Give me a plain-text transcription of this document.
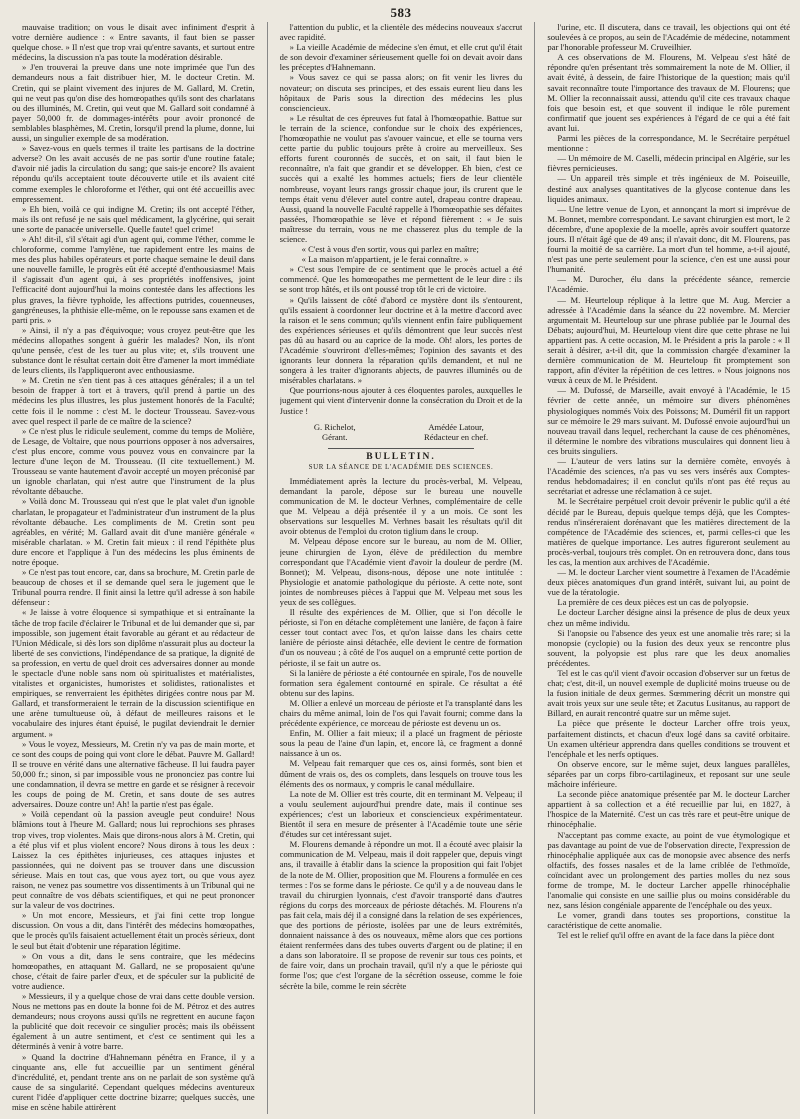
583

mauvaise tradition; on vous le disait avec infiniment d'esprit à votre dernière audience : « Entre savants, il faut bien se passer quelque chose. » Il n'est que trop vrai qu'entre savants, et surtout entre médecins, la discussion n'a pas toute la modération désirable.

» J'en trouverai la preuve dans une note imprimée que l'un des demandeurs nous a fait distribuer hier, M. le docteur Cretin. M. Cretin, qui se plaint vivement des injures de M. Gallard, M. Cretin, qui ne veut pas qu'on dise des homœopathes qu'ils sont des charlatans ou des illuminés, M. Cretin, qui veut que M. Gallard soit condamné à payer 50,000 fr. de dommages-intérêts pour avoir prononcé de semblables blasphèmes, M. Cretin, lorsqu'il prend la plume, donne, lui aussi, un singulier exemple de sa modération.

» Savez-vous en quels termes il traite les partisans de la doctrine adverse? On les avait accusés de ne pas sortir d'une routine fatale; d'avoir nié jadis la circulation du sang; que sais-je encore? Ils avaient répondu qu'ils acceptaient toute découverte utile et ils avaient cité comme exemples le chloroforme et l'éther, qui ont été accueillis avec empressement.

» Eh bien, voilà ce qui indigne M. Cretin; ils ont accepté l'éther, mais ils ont refusé je ne sais quel médicament, la glycérine, qui serait une sorte de panacée universelle. Quelle faute! quel crime!

» Ah! dit-il, s'il s'était agi d'un agent qui, comme l'éther, comme le chloroforme, comme l'amylène, tue rapidement entre les mains de mes des plus habiles opérateurs et porte chaque semaine le deuil dans une nouvelle famille, le progrès eût été accepté d'enthousiasme! Mais il s'agissait d'un agent qui, à ses propriétés inoffensives, joint l'efficacité dont aujourd'hui la moins contestée dans les affections les plus graves, la fièvre typhoïde, les affections putrides, couenneuses, gangréneuses, la phthisie elle-même, on le repousse sans examen et de parti pris. »

» Ainsi, il n'y a pas d'équivoque; vous croyez peut-être que les médecins allopathes songent à guérir les malades? Non, ils n'ont qu'une pensée, c'est de les tuer au plus vite; et, s'ils trouvent une substance dont le résultat certain doit être d'amener la mort immédiate de leurs clients, ils l'appliqueront avec enthousiasme.

» M. Cretin ne s'en tient pas à ces attaques générales; il a un tel besoin de frapper à tort et à travers, qu'il prend à partie un des médecins les plus illustres, les plus justement honorés de la Faculté; cette fois il le nomme : c'est M. le docteur Trousseau. Savez-vous avec quel respect il parle de ce maître de la science?

» Ce n'est plus le ridicule seulement, comme du temps de Molière, de Lesage, de Voltaire, que nous pourrions opposer à nos adversaires, c'est plus encore, comme vous pouvez vous en convaincre par la lecture d'une leçon de M. Trousseau. (Il cite textuellement.) M. Trousseau se vante hautement d'avoir accepté un moyen préconisé par un ignoble charlatan, qui n'est autre que l'instrument de la plus révoltante débauche.

» Voilà donc M. Trousseau qui n'est que le plat valet d'un ignoble charlatan, le propagateur et l'administrateur d'un instrument de la plus révoltante débauche. Les compliments de M. Cretin sont peu agréables, en vérité; M. Gallard avait dit d'une manière générale « misérable charlatan. » M. Cretin fait mieux : il rend l'épithète plus dure encore et l'applique à l'un des médecins les plus éminents de notre époque.

» Ce n'est pas tout encore, car, dans sa brochure, M. Cretin parle de beaucoup de choses et il se demande quel sera le jugement que le Tribunal pourra rendre. Il finit ainsi la lettre qu'il adresse à son habile défenseur :

« Je laisse à votre éloquence si sympathique et si entraînante la tâche de trop facile d'éclairer le Tribunal et de lui demander que si, par impossible, son jugement était favorable au gérant et au rédacteur de l'Union Médicale, si dès lors son diplôme n'assurait plus au docteur la liberté de ses convictions, l'indépendance de sa pratique, la dignité de sa profession, en vertu de quel droit ces adversaires donner au monde le spectacle d'une noble sans nom où spiritualistes et matérialistes, vitalistes et organicistes, humoristes et solidistes, rationalistes et empiriques, se renverraient les épithètes dirigées contre nous par M. Gallard, et transformeraient le terrain de la discussion scientifique en une arène tumultueuse où, à défaut de meilleures raisons et le vocabulaire des injures étant épuisé, le pugilat deviendrait le dernier argument. »

» Vous le voyez, Messieurs, M. Cretin n'y va pas de main morte, et ce sont des coups de poing qui vont clore le débat. Pauvre M. Gallard! Il se trouve en vérité dans une alternative fâcheuse. Il lui faudra payer 50,000 fr.; sinon, si par impossible vous ne prononciez pas contre lui une condamnation, il devra se mettre en garde et se résigner à recevoir les coups de poing de M. Cretin, et sans doute de ses autres adversaires. Douze contre un! Ah! la partie n'est pas égale.

» Voilà cependant où la passion aveugle peut conduire! Nous blâmions tout à l'heure M. Gallard; nous lui reprochions ses phrases trop vives, trop violentes. Mais que dirons-nous alors à M. Cretin, qui a été plus vif et plus violent encore? Nous dirons à tous les deux : Laissez la ces épithètes injurieuses, ces attaques injustes et passionnées, qui ne doivent pas se trouver dans une discussion sérieuse. Mais en tout cas, que vous ayez tort, ou que vous ayez raison, ne venez pas soumettre vos dissentiments à un Tribunal qui ne peut connaître de vos débats scientifiques, et qui ne peut prononcer sur la valeur de vos doctrines.

» Un mot encore, Messieurs, et j'ai fini cette trop longue discussion. On vous a dit, dans l'intérêt des médecins homœopathes, que le procès qu'ils faisaient actuellement était un procès sérieux, dont le seul but était d'obtenir une réparation légitime.

» On vous a dit, dans le sens contraire, que les médecins homœopathes, en attaquant M. Gallard, ne se proposaient qu'une chose, c'était de faire parler d'eux, et de spéculer sur la publicité de votre audience.

» Messieurs, il y a quelque chose de vrai dans cette double version. Nous ne mettons pas en doute la bonne foi de M. Pétroz et des autres demandeurs; nous croyons aussi qu'ils ne regrettent en aucune façon la publicité que doit recevoir ce singulier procès; mais ils obéissent également à un autre sentiment, et c'est ce sentiment qui les a déterminés à venir à votre barre.

» Quand la doctrine d'Hahnemann pénétra en France, il y a cinquante ans, elle fut accueillie par un sentiment général d'incrédulité, et, pendant trente ans on ne parlait de son système qu'à cause de sa singularité. Cependant quelques médecins aventureux curent l'idée d'appliquer cette doctrine bizarre; quelques succès, une mise en scène habile attirèrent

l'attention du public, et la clientèle des médecins nouveaux s'accrut avec rapidité.

» La vieille Académie de médecine s'en émut, et elle crut qu'il était de son devoir d'examiner sérieusement quelle foi on devait avoir dans les préceptes d'Hahnemann.

» Vous savez ce qui se passa alors; on fit venir les livres du novateur; on discuta ses principes, et des essais eurent lieu dans les hôpitaux de Paris sous la direction des médecins les plus consciencieux.

» Le résultat de ces épreuves fut fatal à l'homœopathie. Battue sur le terrain de la science, confondue sur le choix des expériences, l'homœopathie ne voulut pas s'avouer vaincue, et elle se tourna vers cette partie du public toujours prête à croire au merveilleux. Ses efforts furent couronnés de succès, et on sait, il faut bien le reconnaître, n'a fait que grandir et se développer. Eh bien, c'est ce succès qui a exalté les hommes actuels; fiers de leur clientèle nombreuse, voyant leurs rangs grossir chaque jour, ils crurent que le temps était venu d'élever autel contre autel, drapeau contre drapeau. Aussi, quand la nouvelle Faculté rappelle à l'homœopathie ses défaites passées, l'homœopathie se lève et répond fièrement : « Je suis maîtresse du terrain, vous ne me chasserez plus du temple de la science.

« C'est à vous d'en sortir, vous qui parlez en maître;

« La maison m'appartient, je le ferai connaître. »

» C'est sous l'empire de ce sentiment que le procès actuel a été commencé. Que les homœopathes me permettent de le leur dire : ils se sont trop hâtés, et ils ont poussé trop tôt le cri de victoire.

» Qu'ils laissent de côté d'abord ce mystère dont ils s'entourent, qu'ils essaient à coordonner leur doctrine et à la mettre d'accord avec la raison et le sens commun; qu'ils viennent enfin faire publiquement des expériences sérieuses et qu'ils démontrent que leur succès n'est pas dû au hasard ou au caprice de la mode. Oh! alors, les portes de l'Académie s'ouvriront d'elles-mêmes; l'opinion des savants et des ignorants leur donnera la réparation qu'ils demandent, et nul ne songera à les traiter d'ignorants abjects, de pauvres illuminés ou de misérables charlatans. »

Que pourrions-nous ajouter à ces éloquentes paroles, auxquelles le jugement qui vient d'intervenir donne la consécration du Droit et de la Justice !

G. Richelot,
Gérant.
Amédée Latour,
Rédacteur en chef.
BULLETIN.
SUR LA SÉANCE DE L'ACADÉMIE DES SCIENCES.

Immédiatement après la lecture du procès-verbal, M. Velpeau, demandant la parole, dépose sur le bureau une nouvelle communication de M. le docteur Verhnes, complémentaire de celle que M. Velpeau a déjà présentée il y a un mois. Ce sont les observations sur lesquelles M. Verhnes basait les résultats qu'il dit avoir obtenus de l'emploi du croton tiglium dans le croup.

M. Velpeau dépose encore sur le bureau, au nom de M. Ollier, jeune chirurgien de Lyon, élève de prédilection du membre correspondant que l'Académie vient d'avoir la douleur de perdre (M. Bonnet); M. Velpeau, disons-nous, dépose une note intitulée : Physiologie et anatomie pathologique du périoste. A cette note, sont jointes de nombreuses pièces à l'appui que M. Velpeau met sous les yeux de ses collègues.

Il résulte des expériences de M. Ollier, que si l'on décolle le périoste, si l'on en détache complètement une lanière, de façon à faire cesser tout contact avec l'os, et qu'on laisse dans les chairs cette lanière de périoste ainsi détachée, elle devient le centre de formation d'un os nouveau ; à côté de l'os auquel on a emprunté cette portion de périoste, il se fait un autre os.

Si la lanière de périoste a été contournée en spirale, l'os de nouvelle formation sera également contourné en spirale. Ce résultat a été obtenu sur des lapins.

M. Ollier a enlevé un morceau de périoste et l'a transplanté dans les chairs du même animal, loin de l'os qui l'avait fourni; comme dans la précédente expérience, ce morceau de périoste est devenu un os.

Enfin, M. Ollier a fait mieux; il a placé un fragment de périoste sous la peau de l'aine d'un lapin, et, encore là, ce fragment a donné naissance à un os.

M. Velpeau fait remarquer que ces os, ainsi formés, sont bien et dûment de vrais os, des os complets, dans lesquels on trouve tous les éléments des os normaux, y compris le canal médullaire.

La note de M. Ollier est très courte, dit en terminant M. Velpeau; il a voulu seulement aujourd'hui prendre date, mais il continue ses expériences; c'est un laborieux et consciencieux expérimentateur. Bientôt il sera en mesure de présenter à l'Académie toute une série d'études sur cet intéressant sujet.

M. Flourens demande à répondre un mot. Il a écouté avec plaisir la communication de M. Velpeau, mais il doit rappeler que, depuis vingt ans, il travaille à établir dans la science la proposition qui fait l'objet de la note de M. Ollier, proposition que M. Flourens a formulée en ces termes : l'os se forme dans le périoste. Ce qu'il y a de nouveau dans le travail du chirurgien lyonnais, c'est d'avoir transporté dans d'autres régions du corps des morceaux de périoste détachés. M. Flourens n'a pas fait cela, mais déj il a consigné dans la relation de ses expériences, que des portions de périoste, isolées par une de leurs extrémités, donnaient naissance à des os nouveaux, même alors que ces portions étaient renfermées dans des tubes ouverts d'argent ou de platine; il en a dans son laboratoire. Il se propose de revenir sur tous ces points, et de faire voir, dans un prochain travail, qu'il n'y a que le périoste qui forme l'os; que c'est l'organe de la sécrétion osseuse, comme le foie sécrète la bile, comme le rein sécrète

l'urine, etc. Il discutera, dans ce travail, les objections qui ont été soulevées à ce propos, au sein de l'Académie de médecine, notamment par l'honorable professeur M. Cruveilhier.

A ces observations de M. Flourens, M. Velpeau s'est hâté de répondre qu'en présentant très sommairement la note de M. Ollier, il avait évité, à dessein, de faire l'historique de la question; mais qu'il savait reconnaître toute l'importance des travaux de M. Flourens; que M. Ollier la reconnaissait aussi, attendu qu'il cite ces travaux chaque fois que besoin est, et que souvent il indique le rôle purement confirmatif que jouent ses expériences à l'égard de ce qui a été fait avant lui.

Parmi les pièces de la correspondance, M. le Secrétaire perpétuel mentionne :

— Un mémoire de M. Caselli, médecin principal en Algérie, sur les fièvres pernicieuses.

— Un appareil très simple et très ingénieux de M. Poiseuille, destiné aux analyses quantitatives de la glycose contenue dans les liquides animaux.

— Une lettre venue de Lyon, et annonçant la mort si imprévue de M. Bonnet, membre correspondant. Le savant chirurgien est mort, le 2 décembre, d'une apoplexie de la moelle, après avoir souffert quatorze jours. Il n'était âgé que de 49 ans; il n'avait donc, dit M. Flourens, pas fourni la moitié de sa carrière. La mort d'un tel homme, a-t-il ajouté, n'est pas une perte seulement pour la science, c'en est une aussi pour l'humanité.

— M. Durocher, élu dans la précédente séance, remercie l'Académie.

— M. Heurteloup réplique à la lettre que M. Aug. Mercier a adressée à l'Académie dans la séance du 22 novembre. M. Mercier argumentait M. Heurteloup sur une phrase publiée par le Journal des Débats; aujourd'hui, M. Heurteloup vient dire que cette phrase ne lui appartient pas. A cette occasion, M. le Président a pris la parole : « Il serait à désirer, a-t-il dit, que la commission chargée d'examiner la dernière communication de M. Heurteloup fit promptement son rapport, afin d'éviter la répétition de ces lettres. » Nous joignons nos vœux à ceux de M. le Président.

— M. Dufossé, de Marseille, avait envoyé à l'Académie, le 15 février de cette année, un mémoire sur divers phénomènes physiologiques nommés Voix des Poissons; M. Duméril fit un rapport sur ce mémoire le 29 mars suivant. M. Dufossé envoie aujourd'hui un nouveau travail dans lequel, recherchant la cause de ces phénomènes, il détermine le nombre des vibrations musculaires qui donnent lieu à ces bruits singuliers.

— L'auteur de vers latins sur la dernière comète, envoyés à l'Académie des sciences, n'a pas vu ses vers insérés aux Comptes-rendus hebdomadaires; il en conclut qu'ils n'ont pas été reçus au secrétariat et adresse une réclamation à ce sujet.

M. le Secrétaire perpétuel croit devoir prévenir le public qu'il a été décidé par le Bureau, depuis quelque temps déjà, que les Comptes-rendus n'inséreraient dorénavant que les matières directement de la compétence de l'Académie des sciences, et, parmi celles-ci que les matières de quelque importance. Les autres figureront seulement au procès-verbal, toujours très complet. On en retrouvera donc, dans tous les cas, la mention aux archives de l'Académie.

— M. le docteur Larcher vient soumettre à l'examen de l'Académie deux pièces anatomiques d'un grand intérêt, suivant lui, au point de vue de la tératologie.

La première de ces deux pièces est un cas de polyopsie.

Le docteur Larcher désigne ainsi la présence de plus de deux yeux chez un même individu.

Si l'anopsie ou l'absence des yeux est une anomalie très rare; si la monopsie (cyclopie) ou la fusion des deux yeux se rencontre plus souvent, la polyopsie est plus rare que les deux anomalies précédentes.

Tel est le cas qu'il vient d'avoir occasion d'observer sur un fœtus de chat; c'est, dit-il, un nouvel exemple de duplicité moins trueuse ou de la fusion initiale de deux germes. Sœmmering décrit un monstre qui avait trois yeux sur une seule tête; et Zacutus Lusitanus, au rapport de Billard, en aurait rencontré quatre sur un même sujet.

La pièce que présente le docteur Larcher offre trois yeux, parfaitement distincts, et chacun d'eux logé dans sa cavité orbitaire. Un examen ultérieur apprendra dans quelles conditions se trouvent et l'encéphale et les nerfs optiques.

On observe encore, sur le même sujet, deux langues parallèles, séparées par un corps fibro-cartilagineux, et reposant sur une seule mâchoire inférieure.

La seconde pièce anatomique présentée par M. le docteur Larcher appartient à sa collection et a été recueillie par lui, en 1827, à l'hospice de la Maternité. C'est un cas très rare et peut-être unique de rhinocéphalie.

N'acceptant pas comme exacte, au point de vue étymologique et pas davantage au point de vue de l'observation directe, l'expression de rhinocéphalie appliquée aux cas de monopsie avec absence des nerfs olfactifs, des fosses nasales et de la lame criblée de l'ethmoïde, coïncidant avec un prolongement des parties molles du nez sous forme de trompe, M. le docteur Larcher appelle rhinocéphalie l'anomalie qui consiste en une saillie plus ou moins considérable du nez, sans lésion congéniale apparente de l'encéphale ou des yeux.

Le vomer, grandi dans toutes ses proportions, constitue la caractéristique de cette anomalie.

Tel est le relief qu'il offre en avant de la face dans la pièce dont
